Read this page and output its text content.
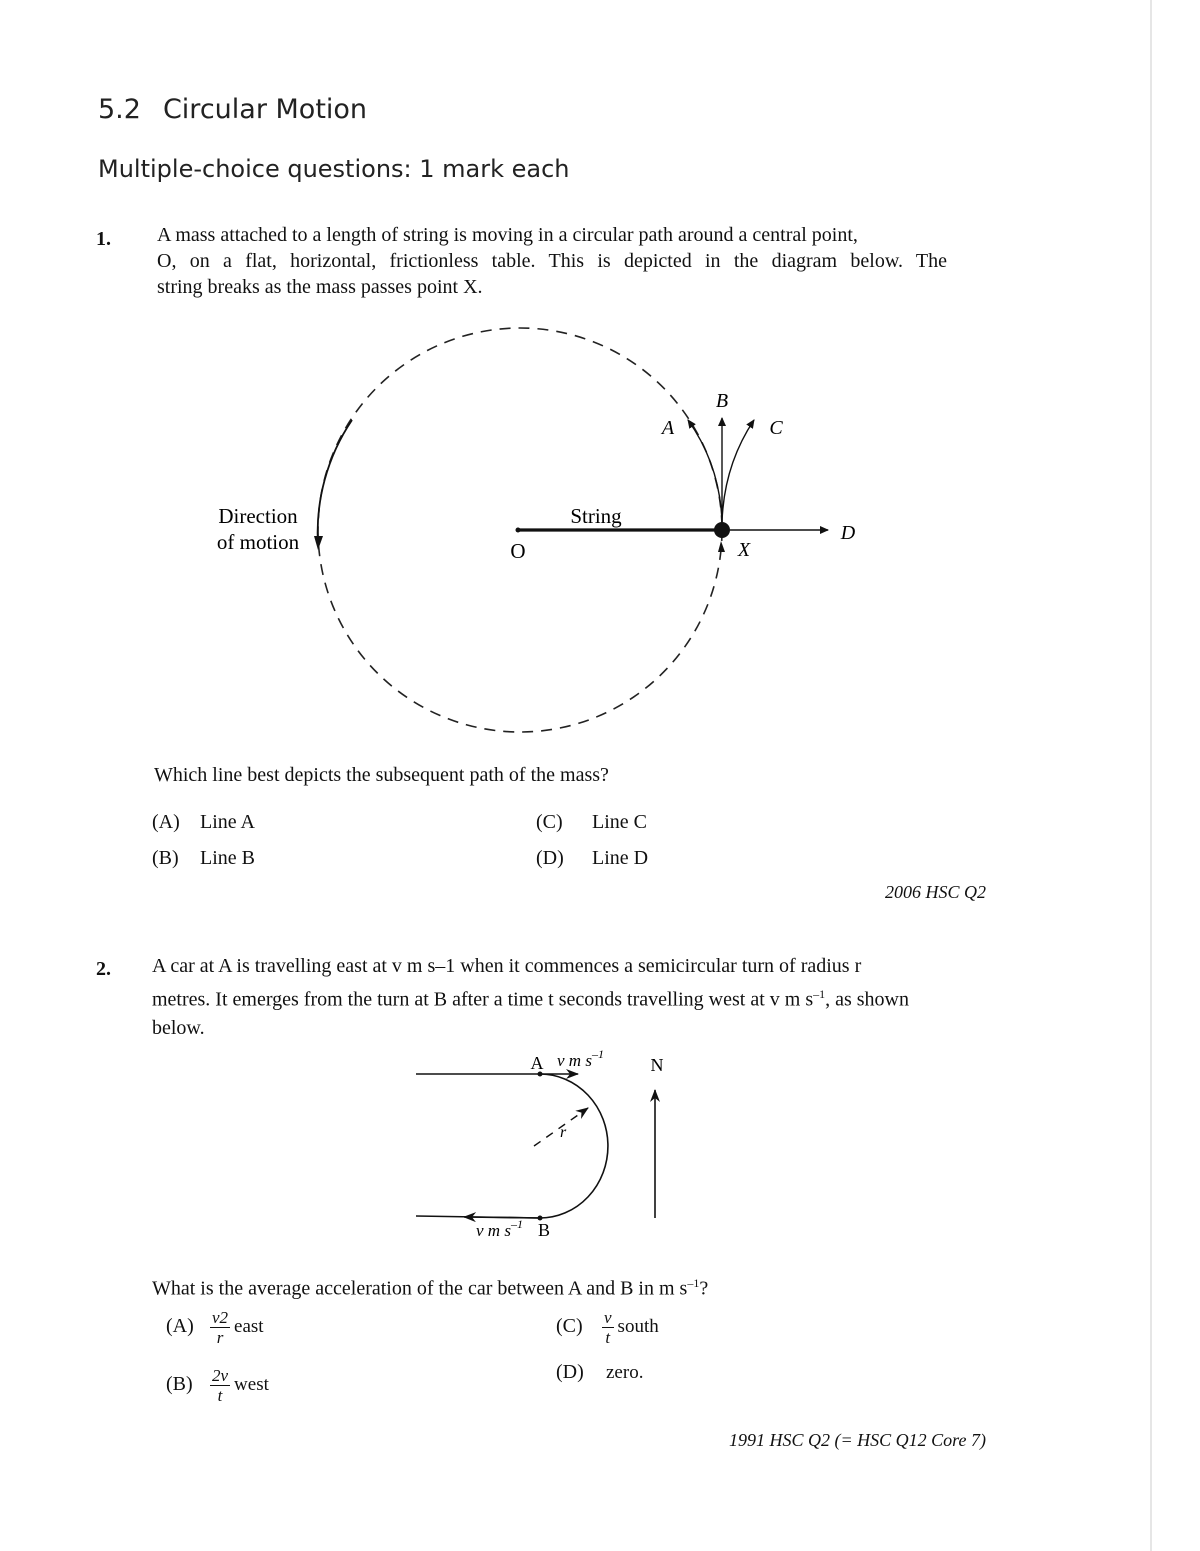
5.2 Circular Motion
Multiple-choice questions: 1 mark each
1. A mass attached to a length of string is moving in a circular path around a central point,
O, on a flat, horizontal, frictionless table. This is depicted in the diagram below. The
string breaks as the mass passes point X.
Direction
of motion
String
O	X
A
B
C
D
Which line best depicts the subsequent path of the mass?
(A) Line A
(B) Line B
(C) Line C
(D) Line D
2006 HSC Q2
2. A car at A is travelling east at v m s–1 when it commences a semicircular turn of radius r
metres. It emerges from the turn at B after a time t seconds travelling west at v m $s^{-1}$, as shown
below.
A v m $s^{-1}$
N
r
v m $s^{-1}$ B
What is the average acceleration of the car between A and B in m $s^{-1}$?
$(A) \frac{v2}{r}$ east
$(B) \frac{2v}{t}$ west
$(C) \frac{v}{t}$ south
(D) zero.
1991 HSC Q2 (= HSC Q12 Core 7)
